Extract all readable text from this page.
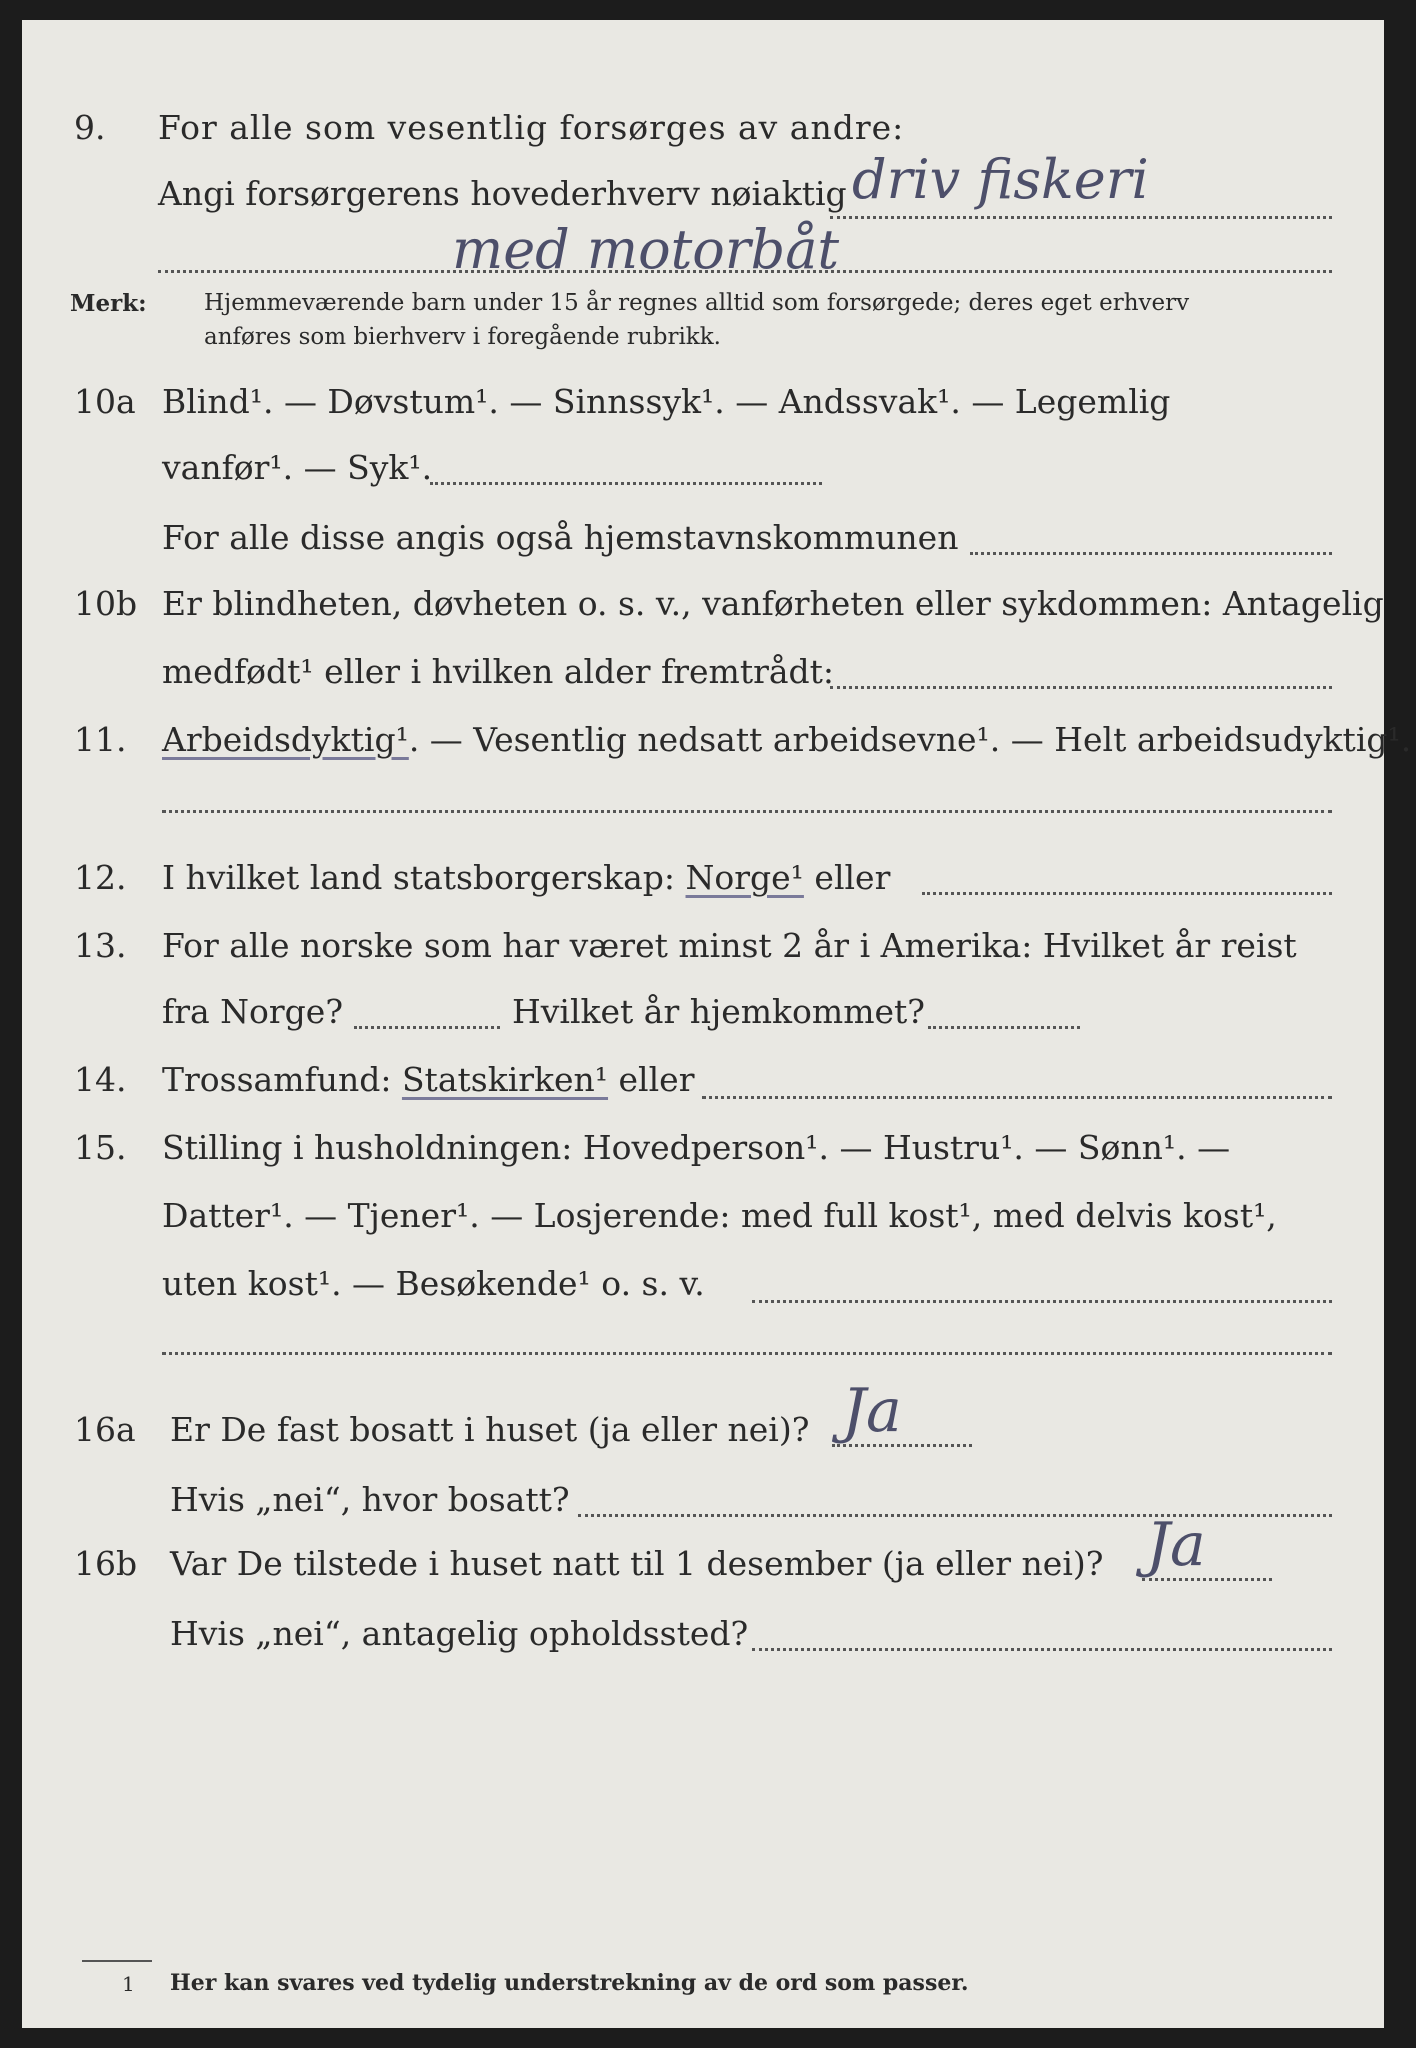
9. For alle som vesentlig forsørges av andre:
Angi forsørgerens hovederhverv nøiaktig driv fiskeri
med motorbåt
Merk: Hjemmeværende barn under 15 år regnes alltid som forsørgede; deres eget erhverv
anføres som bierhverv i foregående rubrikk.
10a Blind¹. — Døvstum¹. — Sinnssyk¹. — Andssvak¹. — Legemlig
vanfør¹. — Syk¹.
For alle disse angis også hjemstavnskommunen
10b Er blindheten, døvheten o. s. v., vanførheten eller sykdommen: Antagelig
medfødt¹ eller i hvilken alder fremtrådt:
11. Arbeidsdyktig¹. — Vesentlig nedsatt arbeidsevne¹. — Helt arbeidsudyktig¹.
12. I hvilket land statsborgerskap: Norge¹ eller
13. For alle norske som har været minst 2 år i Amerika: Hvilket år reist
fra Norge?	Hvilket år hjemkommet?
14. Trossamfund: Statskirken¹ eller
15. Stilling i husholdningen: Hovedperson¹. — Hustru¹. — Sønn¹. —
Datter¹. — Tjener¹. — Losjerende: med full kost¹, med delvis kost¹,
uten kost¹. — Besøkende¹ o. s. v.
16a Er De fast bosatt i huset (ja eller nei)? Ja
Hvis „nei“, hvor bosatt?
16b Var De tilstede i huset natt til 1 desember (ja eller nei)? Ja
Hvis „nei“, antagelig opholdssted?
1 Her kan svares ved tydelig understrekning av de ord som passer.
